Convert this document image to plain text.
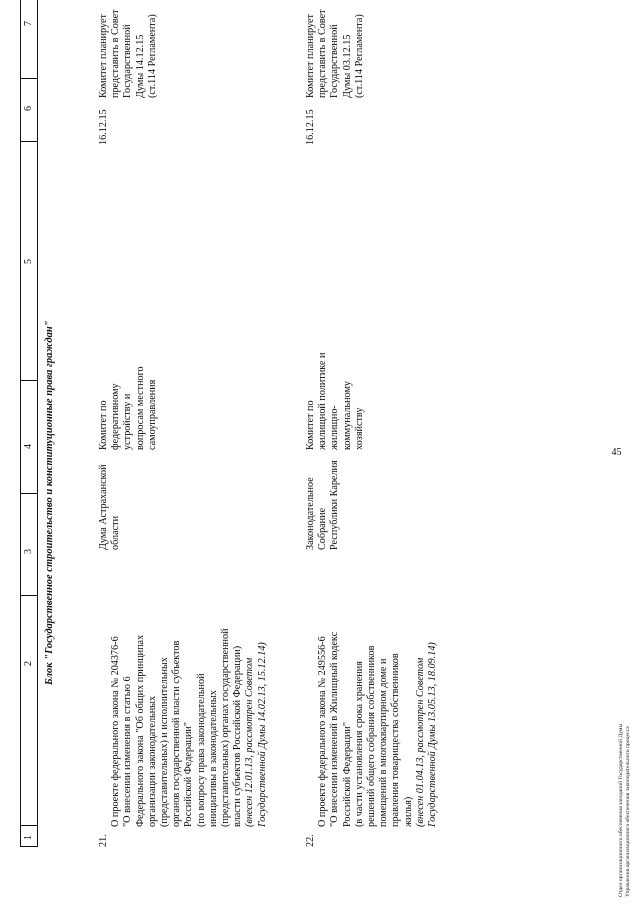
45
1
2
3
4
5
6
7
Блок "Государственное строительство и конституционные права граждан"
21.

О проекте федерального закона № 204376-6
"О внесении изменения в статью 6
Федерального закона "Об общих принципах
организации законодательных
(представительных) и исполнительных
органов государственной власти субъектов
Российской Федерации"
(по вопросу права законодательной
инициативы в законодательных
(представительных) органах государственной
власти субъектов Российской Федерации)
(внесен 12.01.13, рассмотрен Советом
Государственной Думы 14.02.13, 15.12.14)

Дума Астраханской
области
Комитет по
федеративному
устройству и
вопросам местного
самоуправления
16.12.15
Комитет планирует
представить в Совет
Государственной
Думы 14.12.15
(ст.114 Регламента)
22.

О проекте федерального закона № 249556-6
"О внесении изменений в Жилищный кодекс
Российской Федерации"
(в части установления срока хранения
решений общего собрания собственников
помещений в многоквартирном доме и
правления товарищества собственников
жилья)
(внесен 01.04.13, рассмотрен Советом
Государственной Думы 13.05.13, 18.09.14)

Законодательное
Собрание
Республики Карелия
Комитет по
жилищной политике и
жилищно-
коммунальному
хозяйству
16.12.15
Комитет планирует
представить в Совет
Государственной
Думы 03.12.15
(ст.114 Регламента)
Отдел организационного обеспечения заседаний Государственной Думы
Управления организационного обеспечения законодательного процесса
